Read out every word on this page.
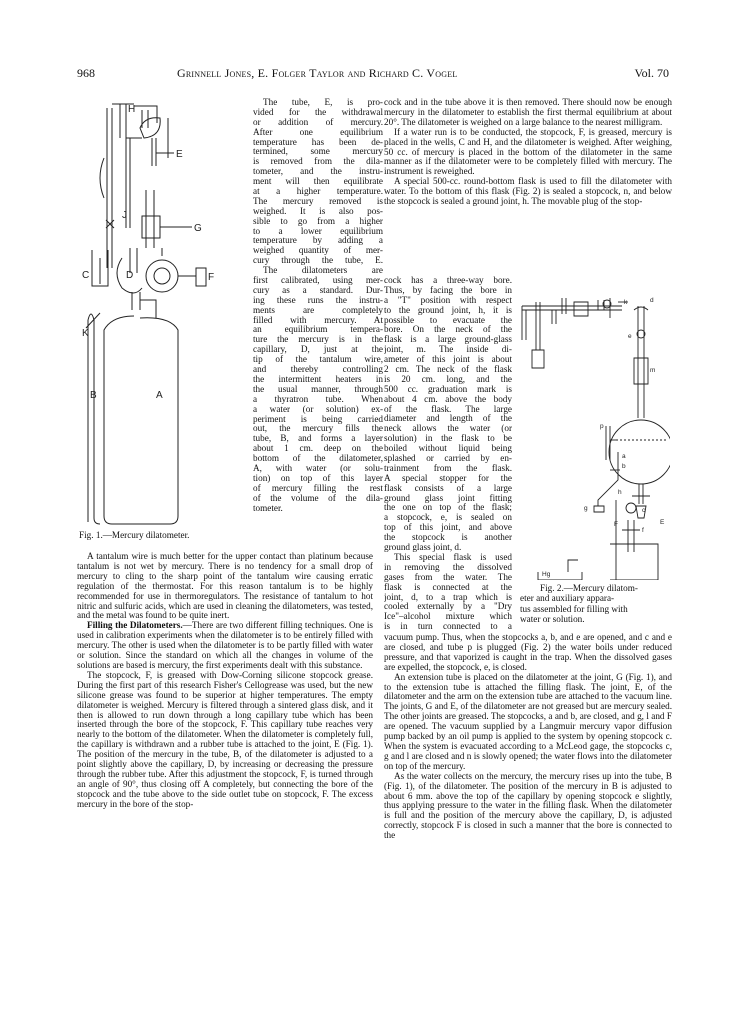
968	Grinnell Jones, E. Folger Taylor and Richard C. Vogel	Vol. 70
H
E
G
J
F
C	D
K
B	A
Fig. 1.—Mercury dilatometer.
The tube, E, is pro-
vided for the withdrawal
or addition of mercury.
After one equilibrium
temperature has been de-
termined, some mercury
is removed from the dila-
tometer, and the instru-
ment will then equilibrate
at a higher temperature.
The mercury removed is
weighed. It is also pos-
sible to go from a higher
to a lower equilibrium
temperature by adding a
weighed quantity of mer-
cury through the tube, E.
The dilatometers are
first calibrated, using mer-
cury as a standard. Dur-
ing these runs the instru-
ments are completely
filled with mercury. At
an equilibrium tempera-
ture the mercury is in the
capillary, D, just at the
tip of the tantalum wire,
and thereby controlling
the intermittent heaters in
the usual manner, through
a thyratron tube. When
a water (or solution) ex-
periment is being carried
out, the mercury fills the
tube, B, and forms a layer
about 1 cm. deep on the
bottom of the dilatometer,
A, with water (or solu-
tion) on top of this layer
of mercury filling the rest
of the volume of the dila-
tometer.

A tantalum wire is much better for the upper contact than platinum because tantalum is not wet by mercury. There is no tendency for a small drop of mercury to cling to the sharp point of the tantalum wire causing erratic regulation of the thermostat. For this reason tantalum is to be highly recommended for use in thermoregulators. The resistance of tantalum to hot nitric and sulfuric acids, which are used in cleaning the dilatometers, was tested, and the metal was found to be quite inert.

Filling the Dilatometers.—There are two different filling techniques. One is used in calibration experiments when the dilatometer is to be entirely filled with mercury. The other is used when the dilatometer is to be partly filled with water or solution. Since the standard on which all the changes in volume of the solutions are based is mercury, the first experiments dealt with this substance.

The stopcock, F, is greased with Dow-Corning silicone stopcock grease. During the first part of this research Fisher's Cellogrease was used, but the new silicone grease was found to be superior at higher temperatures. The empty dilatometer is weighed. Mercury is filtered through a sintered glass disk, and it then is allowed to run down through a long capillary tube which has been inserted through the bore of the stopcock, F. This capillary tube reaches very nearly to the bottom of the dilatometer. When the dilatometer is completely full, the capillary is withdrawn and a rubber tube is attached to the joint, E (Fig. 1). The position of the mercury in the tube, B, of the dilatometer is adjusted to a point slightly above the capillary, D, by increasing or decreasing the pressure through the rubber tube. After this adjustment the stopcock, F, is turned through an angle of 90°, thus closing off A completely, but connecting the bore of the stopcock and the tube above to the side outlet tube on stopcock, F. The excess mercury in the bore of the stop-

cock and in the tube above it is then removed. There should now be enough mercury in the dilatometer to establish the first thermal equilibrium at about 20°. The dilatometer is weighed on a large balance to the nearest milligram.

If a water run is to be conducted, the stopcock, F, is greased, mercury is placed in the wells, C and H, and the dilatometer is weighed. After weighing, 50 cc. of mercury is placed in the bottom of the dilatometer in the same manner as if the dilatometer were to be completely filled with mercury. The instrument is reweighed.

A special 500-cc. round-bottom flask is used to fill the dilatometer with water. To the bottom of this flask (Fig. 2) is sealed a stopcock, n, and below the stopcock is sealed a ground joint, h. The movable plug of the stop-

cock has a three-way bore.
Thus, by facing the bore in
a "T" position with respect
to the ground joint, h, it is
possible to evacuate the
bore. On the neck of the
flask is a large ground-glass
joint, m. The inside di-
ameter of this joint is about
2 cm. The neck of the flask
is 20 cm. long, and the
500 cc. graduation mark is
about 4 cm. above the body
of the flask. The large
diameter and length of the
neck allows the water (or
solution) in the flask to be
boiled without liquid being
splashed or carried by en-
trainment from the flask.
A special stopper for the
flask consists of a large
ground glass joint fitting
the one on top of the flask;
a stopcock, e, is sealed on
top of this joint, and above
the stopcock is another
ground glass joint, d.
This special flask is used
in removing the dissolved
gases from the water. The
flask is connected at the
joint, d, to a trap which is
cooled externally by a "Dry
Ice"–alcohol mixture which
is in turn connected to a
k	d
e
m
p
h
b
a
g	c
f
F	E
Hg
Fig. 2.—Mercury dilatom-
eter and auxiliary appara-
tus assembled for filling with
water or solution.

vacuum pump. Thus, when the stopcocks a, b, and e are opened, and c and e are closed, and tube p is plugged (Fig. 2) the water boils under reduced pressure, and that vaporized is caught in the trap. When the dissolved gases are expelled, the stopcock, e, is closed.

An extension tube is placed on the dilatometer at the joint, G (Fig. 1), and to the extension tube is attached the filling flask. The joint, E, of the dilatometer and the arm on the extension tube are attached to the vacuum line. The joints, G and E, of the dilatometer are not greased but are mercury sealed. The other joints are greased. The stopcocks, a and b, are closed, and g, l and F are opened. The vacuum supplied by a Langmuir mercury vapor diffusion pump backed by an oil pump is applied to the system by opening stopcock c. When the system is evacuated according to a McLeod gage, the stopcocks c, g and l are closed and n is slowly opened; the water flows into the dilatometer on top of the mercury.

As the water collects on the mercury, the mercury rises up into the tube, B (Fig. 1), of the dilatometer. The position of the mercury in B is adjusted to about 6 mm. above the top of the capillary by opening stopcock e slightly, thus applying pressure to the water in the filling flask. When the dilatometer is full and the position of the mercury above the capillary, D, is adjusted correctly, stopcock F is closed in such a manner that the bore is connected to the
